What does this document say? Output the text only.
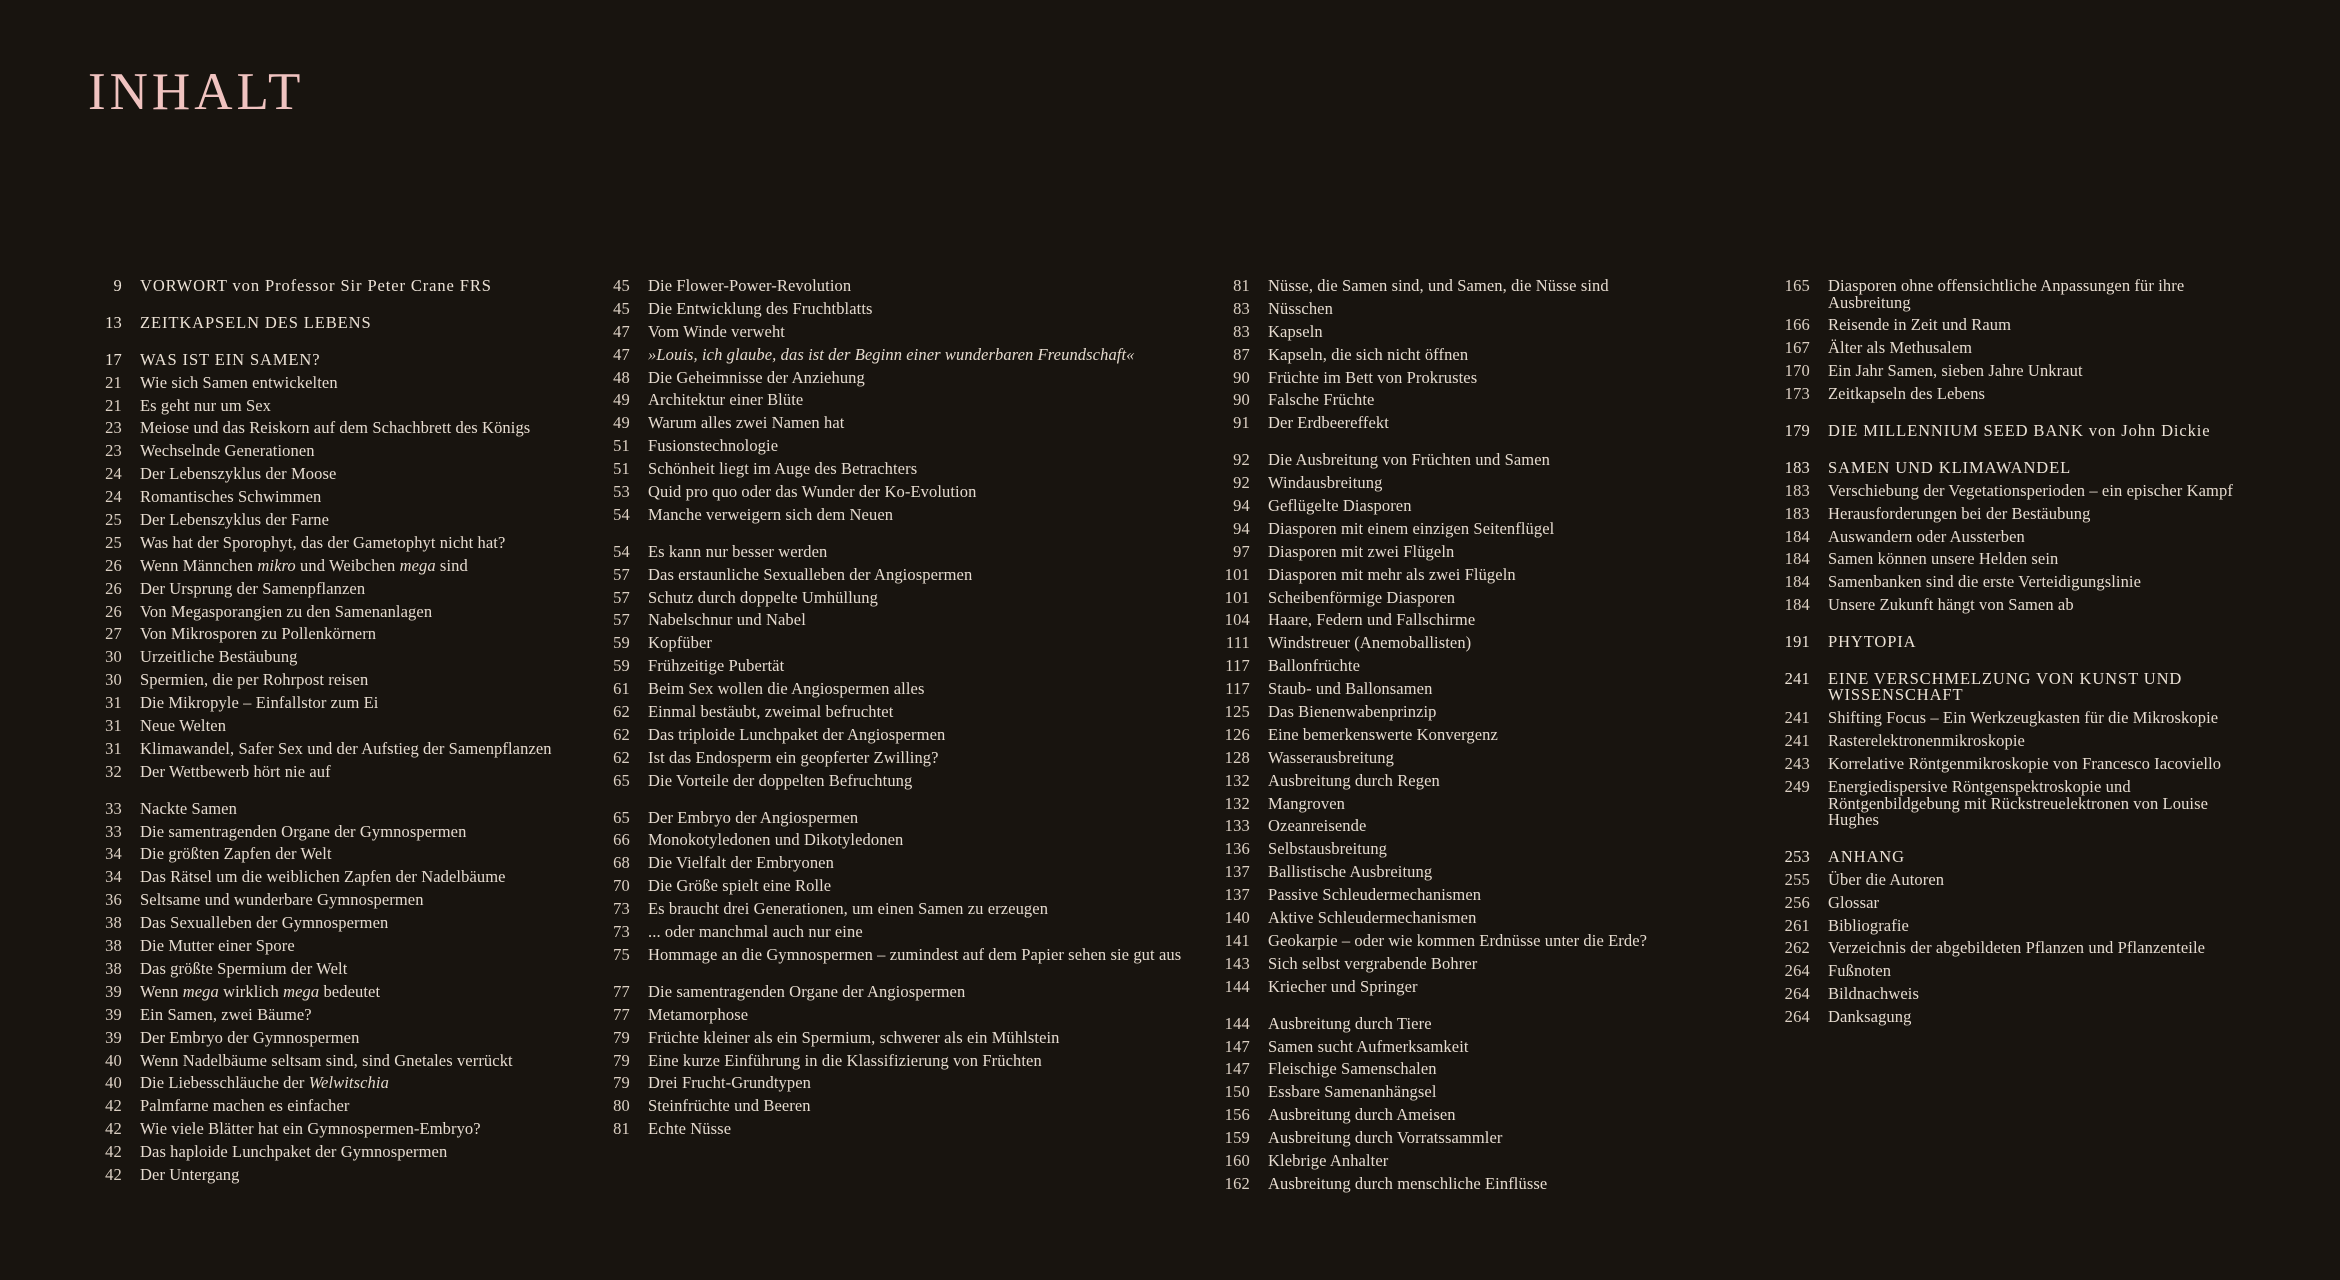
INHALT
9	VORWORT von Professor Sir Peter Crane FRS
13	ZEITKAPSELN DES LEBENS
17	WAS IST EIN SAMEN?
21	Wie sich Samen entwickelten
21	Es geht nur um Sex
23	Meiose und das Reiskorn auf dem Schachbrett des Königs
23	Wechselnde Generationen
24	Der Lebenszyklus der Moose
24	Romantisches Schwimmen
25	Der Lebenszyklus der Farne
25	Was hat der Sporophyt, das der Gametophyt nicht hat?
26	Wenn Männchen mikro und Weibchen mega sind
26	Der Ursprung der Samenpflanzen
26	Von Megasporangien zu den Samenanlagen
27	Von Mikrosporen zu Pollenkörnern
30	Urzeitliche Bestäubung
30	Spermien, die per Rohrpost reisen
31	Die Mikropyle – Einfallstor zum Ei
31	Neue Welten
31	Klimawandel, Safer Sex und der Aufstieg der Samenpflanzen
32	Der Wettbewerb hört nie auf
33	Nackte Samen
33	Die samentragenden Organe der Gymnospermen
34	Die größten Zapfen der Welt
34	Das Rätsel um die weiblichen Zapfen der Nadelbäume
36	Seltsame und wunderbare Gymnospermen
38	Das Sexualleben der Gymnospermen
38	Die Mutter einer Spore
38	Das größte Spermium der Welt
39	Wenn mega wirklich mega bedeutet
39	Ein Samen, zwei Bäume?
39	Der Embryo der Gymnospermen
40	Wenn Nadelbäume seltsam sind, sind Gnetales verrückt
40	Die Liebesschläuche der Welwitschia
42	Palmfarne machen es einfacher
42	Wie viele Blätter hat ein Gymnospermen-Embryo?
42	Das haploide Lunchpaket der Gymnospermen
42	Der Untergang
45	Die Flower-Power-Revolution
45	Die Entwicklung des Fruchtblatts
47	Vom Winde verweht
47	»Louis, ich glaube, das ist der Beginn einer wunderbaren Freundschaft«
48	Die Geheimnisse der Anziehung
49	Architektur einer Blüte
49	Warum alles zwei Namen hat
51	Fusionstechnologie
51	Schönheit liegt im Auge des Betrachters
53	Quid pro quo oder das Wunder der Ko-Evolution
54	Manche verweigern sich dem Neuen
54	Es kann nur besser werden
57	Das erstaunliche Sexualleben der Angiospermen
57	Schutz durch doppelte Umhüllung
57	Nabelschnur und Nabel
59	Kopfüber
59	Frühzeitige Pubertät
61	Beim Sex wollen die Angiospermen alles
62	Einmal bestäubt, zweimal befruchtet
62	Das triploide Lunchpaket der Angiospermen
62	Ist das Endosperm ein geopferter Zwilling?
65	Die Vorteile der doppelten Befruchtung
65	Der Embryo der Angiospermen
66	Monokotyledonen und Dikotyledonen
68	Die Vielfalt der Embryonen
70	Die Größe spielt eine Rolle
73	Es braucht drei Generationen, um einen Samen zu erzeugen
73	... oder manchmal auch nur eine
75	Hommage an die Gymnospermen – zumindest auf dem Papier sehen sie gut aus
77	Die samentragenden Organe der Angiospermen
77	Metamorphose
79	Früchte kleiner als ein Spermium, schwerer als ein Mühlstein
79	Eine kurze Einführung in die Klassifizierung von Früchten
79	Drei Frucht-Grundtypen
80	Steinfrüchte und Beeren
81	Echte Nüsse
81	Nüsse, die Samen sind, und Samen, die Nüsse sind
83	Nüsschen
83	Kapseln
87	Kapseln, die sich nicht öffnen
90	Früchte im Bett von Prokrustes
90	Falsche Früchte
91	Der Erdbeereffekt
92	Die Ausbreitung von Früchten und Samen
92	Windausbreitung
94	Geflügelte Diasporen
94	Diasporen mit einem einzigen Seitenflügel
97	Diasporen mit zwei Flügeln
101	Diasporen mit mehr als zwei Flügeln
101	Scheibenförmige Diasporen
104	Haare, Federn und Fallschirme
111	Windstreuer (Anemoballisten)
117	Ballonfrüchte
117	Staub- und Ballonsamen
125	Das Bienenwabenprinzip
126	Eine bemerkenswerte Konvergenz
128	Wasserausbreitung
132	Ausbreitung durch Regen
132	Mangroven
133	Ozeanreisende
136	Selbstausbreitung
137	Ballistische Ausbreitung
137	Passive Schleudermechanismen
140	Aktive Schleudermechanismen
141	Geokarpie – oder wie kommen Erdnüsse unter die Erde?
143	Sich selbst vergrabende Bohrer
144	Kriecher und Springer
144	Ausbreitung durch Tiere
147	Samen sucht Aufmerksamkeit
147	Fleischige Samenschalen
150	Essbare Samenanhängsel
156	Ausbreitung durch Ameisen
159	Ausbreitung durch Vorratssammler
160	Klebrige Anhalter
162	Ausbreitung durch menschliche Einflüsse
165	Diasporen ohne offensichtliche Anpassungen für ihre Ausbreitung
166	Reisende in Zeit und Raum
167	Älter als Methusalem
170	Ein Jahr Samen, sieben Jahre Unkraut
173	Zeitkapseln des Lebens
179	DIE MILLENNIUM SEED BANK von John Dickie
183	SAMEN UND KLIMAWANDEL
183	Verschiebung der Vegetationsperioden – ein epischer Kampf
183	Herausforderungen bei der Bestäubung
184	Auswandern oder Aussterben
184	Samen können unsere Helden sein
184	Samenbanken sind die erste Verteidigungslinie
184	Unsere Zukunft hängt von Samen ab
191	PHYTOPIA
241	EINE VERSCHMELZUNG VON KUNST UND WISSENSCHAFT
241	Shifting Focus – Ein Werkzeugkasten für die Mikroskopie
241	Rasterelektronenmikroskopie
243	Korrelative Röntgenmikroskopie von Francesco Iacoviello
249	Energiedispersive Röntgenspektroskopie und Röntgenbildgebung mit Rückstreuelektronen von Louise Hughes
253	ANHANG
255	Über die Autoren
256	Glossar
261	Bibliografie
262	Verzeichnis der abgebildeten Pflanzen und Pflanzenteile
264	Fußnoten
264	Bildnachweis
264	Danksagung
